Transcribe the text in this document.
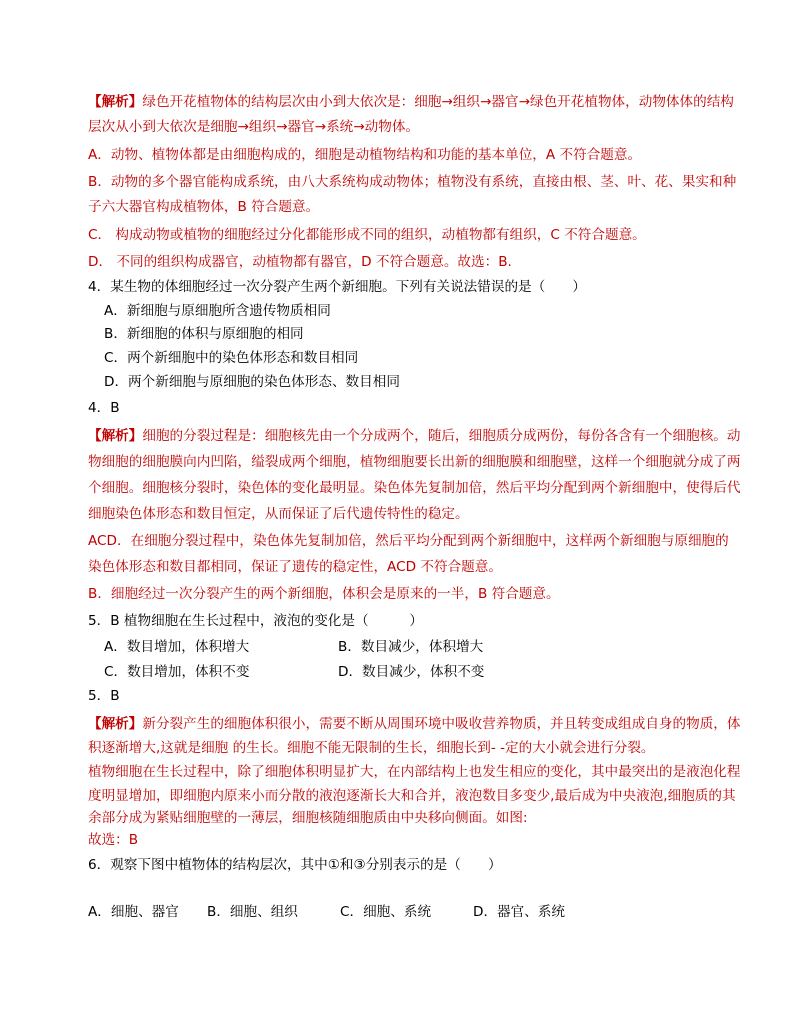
【解析】绿色开花植物体的结构层次由小到大依次是：细胞→组织→器官→绿色开花植物体，动物体体的结构
层次从小到大依次是细胞→组织→器官→系统→动物体。
A．动物、植物体都是由细胞构成的，细胞是动植物结构和功能的基本单位，A 不符合题意。
B．动物的多个器官能构成系统，由八大系统构成动物体；植物没有系统，直接由根、茎、叶、花、果实和种
子六大器官构成植物体，B 符合题意。
C． 构成动物或植物的细胞经过分化都能形成不同的组织，动植物都有组织，C 不符合题意。
D． 不同的组织构成器官，动植物都有器官，D 不符合题意。故选：B.
4．某生物的体细胞经过一次分裂产生两个新细胞。下列有关说法错误的是（　　）
A．新细胞与原细胞所含遗传物质相同
B．新细胞的体积与原细胞的相同
C．两个新细胞中的染色体形态和数目相同
D．两个新细胞与原细胞的染色体形态、数目相同
4．B
【解析】细胞的分裂过程是：细胞核先由一个分成两个，随后，细胞质分成两份，每份各含有一个细胞核。动
物细胞的细胞膜向内凹陷，缢裂成两个细胞，植物细胞要长出新的细胞膜和细胞壁，这样一个细胞就分成了两
个细胞。细胞核分裂时，染色体的变化最明显。染色体先复制加倍，然后平均分配到两个新细胞中，使得后代
细胞染色体形态和数目恒定，从而保证了后代遗传特性的稳定。
ACD．在细胞分裂过程中，染色体先复制加倍，然后平均分配到两个新细胞中，这样两个新细胞与原细胞的
染色体形态和数目都相同，保证了遗传的稳定性，ACD 不符合题意。
B．细胞经过一次分裂产生的两个新细胞，体积会是原来的一半，B 符合题意。
5．B 植物细胞在生长过程中，液泡的变化是（　　　）
A．数目增加，体积增大	B．数目减少，体积增大
C．数目增加，体积不变	D．数目减少，体积不变
5．B
【解析】新分裂产生的细胞体积很小，需要不断从周围环境中吸收营养物质，并且转变成组成自身的物质，体
积逐渐增大,这就是细胞 的生长。细胞不能无限制的生长，细胞长到- -定的大小就会进行分裂。
植物细胞在生长过程中，除了细胞体积明显扩大，在内部结构上也发生相应的变化，其中最突出的是液泡化程
度明显增加，即细胞内原来小而分散的液泡逐渐长大和合并，液泡数目多变少,最后成为中央液泡,细胞质的其
余部分成为紧贴细胞壁的一薄层，细胞核随细胞质由中央移向侧面。如图:
故选：B
6．观察下图中植物体的结构层次，其中①和③分别表示的是（　　）
A．细胞、器官 B．细胞、组织	C．细胞、系统	D．器官、系统
